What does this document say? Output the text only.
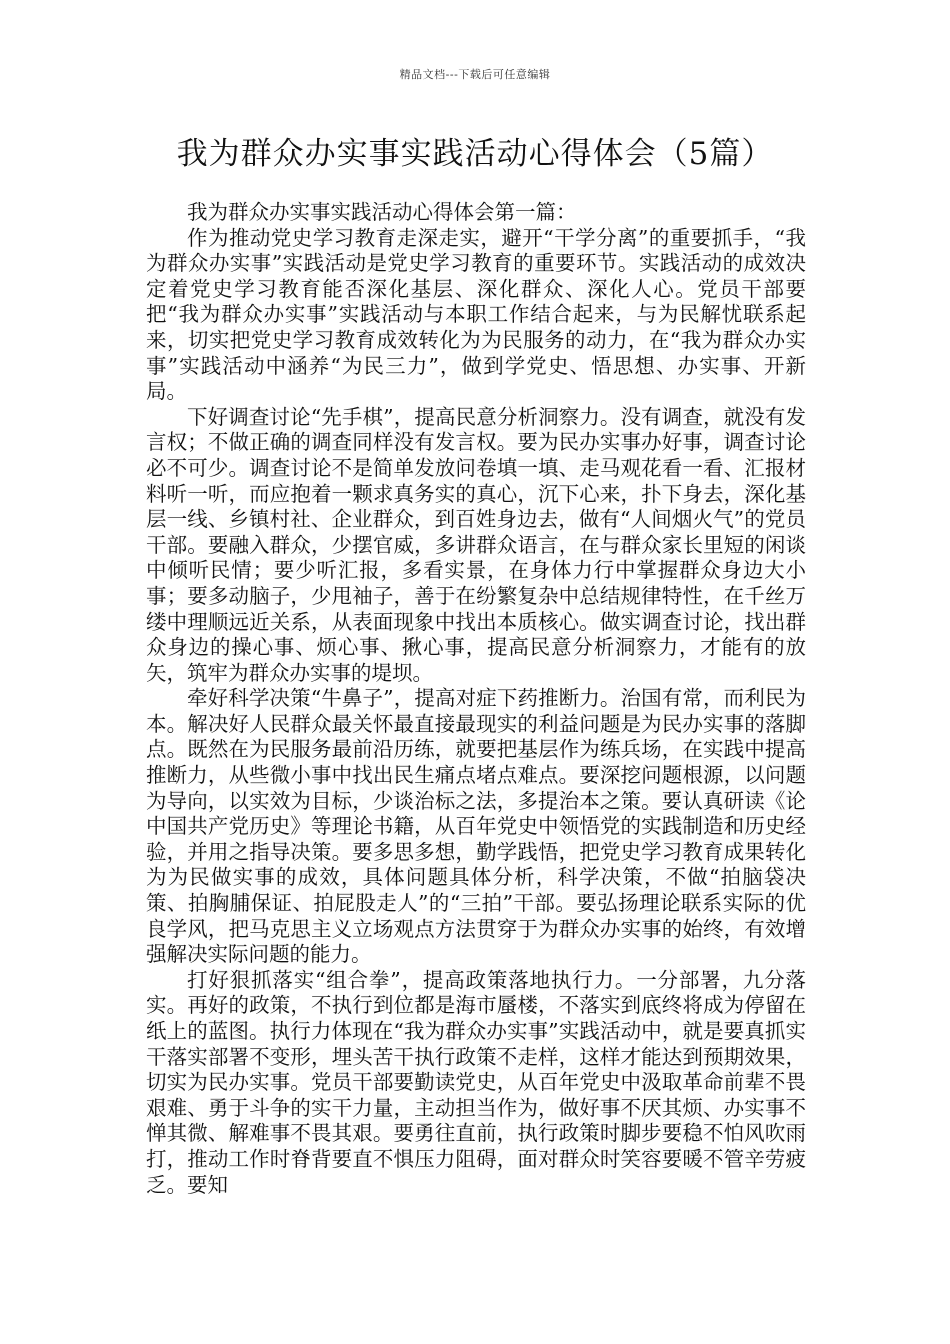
精品文档---下载后可任意编辑
我为群众办实事实践活动心得体会（5篇）

我为群众办实事实践活动心得体会第一篇：

作为推动党史学习教育走深走实，避开“干学分离”的重要抓手，“我为群众办实事”实践活动是党史学习教育的重要环节。实践活动的成效决定着党史学习教育能否深化基层、深化群众、深化人心。党员干部要把“我为群众办实事”实践活动与本职工作结合起来，与为民解忧联系起来，切实把党史学习教育成效转化为为民服务的动力，在“我为群众办实事”实践活动中涵养“为民三力”，做到学党史、悟思想、办实事、开新局。

下好调查讨论“先手棋”，提高民意分析洞察力。没有调查，就没有发言权；不做正确的调查同样没有发言权。要为民办实事办好事，调查讨论必不可少。调查讨论不是简单发放问卷填一填、走马观花看一看、汇报材料听一听，而应抱着一颗求真务实的真心，沉下心来，扑下身去，深化基层一线、乡镇村社、企业群众，到百姓身边去，做有“人间烟火气”的党员干部。要融入群众，少摆官威，多讲群众语言，在与群众家长里短的闲谈中倾听民情；要少听汇报，多看实景，在身体力行中掌握群众身边大小事；要多动脑子，少甩袖子，善于在纷繁复杂中总结规律特性，在千丝万缕中理顺远近关系，从表面现象中找出本质核心。做实调查讨论，找出群众身边的操心事、烦心事、揪心事，提高民意分析洞察力，才能有的放矢，筑牢为群众办实事的堤坝。

牵好科学决策“牛鼻子”，提高对症下药推断力。治国有常，而利民为本。解决好人民群众最关怀最直接最现实的利益问题是为民办实事的落脚点。既然在为民服务最前沿历练，就要把基层作为练兵场，在实践中提高推断力，从些微小事中找出民生痛点堵点难点。要深挖问题根源，以问题为导向，以实效为目标，少谈治标之法，多提治本之策。要认真研读《论中国共产党历史》等理论书籍，从百年党史中领悟党的实践制造和历史经验，并用之指导决策。要多思多想，勤学践悟，把党史学习教育成果转化为为民做实事的成效，具体问题具体分析，科学决策，不做“拍脑袋决策、拍胸脯保证、拍屁股走人”的“三拍”干部。要弘扬理论联系实际的优良学风，把马克思主义立场观点方法贯穿于为群众办实事的始终，有效增强解决实际问题的能力。

打好狠抓落实“组合拳”，提高政策落地执行力。一分部署，九分落实。再好的政策，不执行到位都是海市蜃楼，不落实到底终将成为停留在纸上的蓝图。执行力体现在“我为群众办实事”实践活动中，就是要真抓实干落实部署不变形，埋头苦干执行政策不走样，这样才能达到预期效果，切实为民办实事。党员干部要勤读党史，从百年党史中汲取革命前辈不畏艰难、勇于斗争的实干力量，主动担当作为，做好事不厌其烦、办实事不惮其微、解难事不畏其艰。要勇往直前，执行政策时脚步要稳不怕风吹雨打，推动工作时脊背要直不惧压力阻碍，面对群众时笑容要暖不管辛劳疲乏。要知
